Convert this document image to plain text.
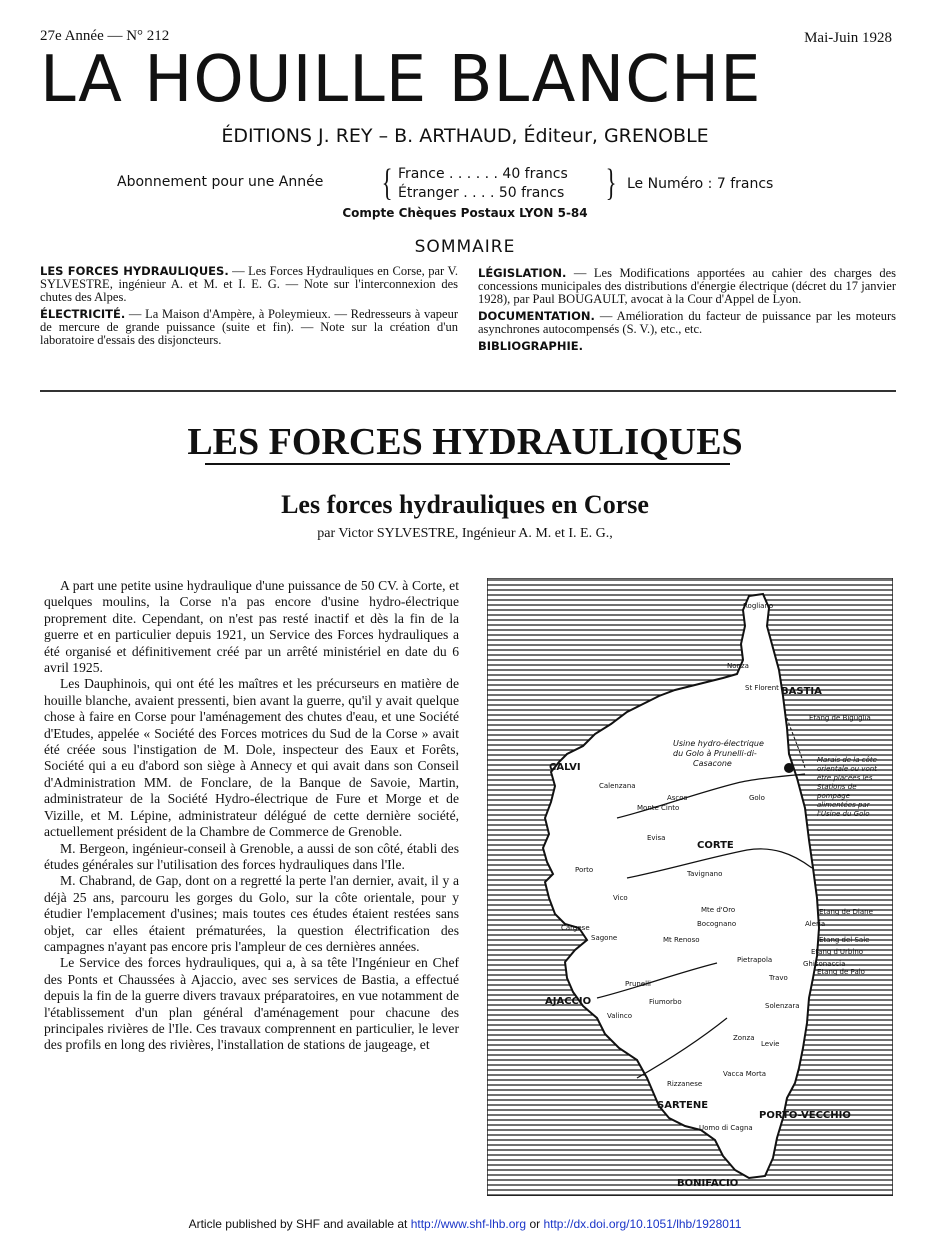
27e Année — N° 212	Mai-Juin 1928
LA HOUILLE BLANCHE
ÉDITIONS J. REY – B. ARTHAUD, Éditeur, GRENOBLE
Abonnement pour une Année { France . . . . . . 40 francs
Étranger . . . . 50 francs } Le Numéro : 7 francs
Compte Chèques Postaux LYON 5-84
SOMMAIRE
LES FORCES HYDRAULIQUES. — Les Forces Hydrauliques en Corse, par V. SYLVESTRE, ingénieur A. et M. et I. E. G. — Note sur l'interconnexion des chutes des Alpes.
ÉLECTRICITÉ. — La Maison d'Ampère, à Poleymieux. — Redresseurs à vapeur de mercure de grande puissance (suite et fin). — Note sur la création d'un laboratoire d'essais des disjoncteurs.
LÉGISLATION. — Les Modifications apportées au cahier des charges des concessions municipales des distributions d'énergie électrique (décret du 17 janvier 1928), par Paul BOUGAULT, avocat à la Cour d'Appel de Lyon.
DOCUMENTATION. — Amélioration du facteur de puissance par les moteurs asynchrones autocompensés (S. V.), etc., etc.
BIBLIOGRAPHIE.
LES FORCES HYDRAULIQUES
Les forces hydrauliques en Corse
par Victor SYLVESTRE, Ingénieur A. M. et I. E. G.,

A part une petite usine hydraulique d'une puissance de 50 CV. à Corte, et quelques moulins, la Corse n'a pas encore d'usine hydro-électrique proprement dite. Cependant, on n'est pas resté inactif et dès la fin de la guerre et en particulier depuis 1921, un Service des Forces hydrauliques a été organisé et définitivement créé par un arrêté ministériel en date du 6 avril 1925.

Les Dauphinois, qui ont été les maîtres et les précurseurs en matière de houille blanche, avaient pressenti, bien avant la guerre, qu'il y avait quelque chose à faire en Corse pour l'aménagement des chutes d'eau, et une Société d'Etudes, appelée « Société des Forces motrices du Sud de la Corse » avait été créée sous l'instigation de M. Dole, inspecteur des Eaux et Forêts, Société qui a eu d'abord son siège à Annecy et qui avait dans son Conseil d'Administration MM. de Fonclare, de la Banque de Savoie, Martin, administrateur de la Société Hydro-électrique de Fure et Morge et de Vizille, et M. Lépine, administrateur délégué de cette dernière société, actuellement président de la Chambre de Commerce de Grenoble.

M. Bergeon, ingénieur-conseil à Grenoble, a aussi de son côté, établi des études générales sur l'utilisation des forces hydrauliques dans l'Ile.

M. Chabrand, de Gap, dont on a regretté la perte l'an dernier, avait, il y a déjà 25 ans, parcouru les gorges du Golo, sur la côte orientale, pour y étudier l'emplacement d'usines; mais toutes ces études étaient restées sans objet, car elles étaient prématurées, la question électrification des campagnes n'ayant pas encore pris l'ampleur de ces dernières années.

Le Service des forces hydrauliques, qui a, à sa tête l'Ingénieur en Chef des Ponts et Chaussées à Ajaccio, avec ses services de Bastia, a effectué depuis la fin de la guerre divers travaux préparatoires, en vue notamment de l'établissement d'un plan général d'aménagement pour chacune des principales rivières de l'Ile. Ces travaux comprennent en particulier, le lever des profils en long des rivières, l'installation de stations de jaugeage, et

BASTIA
CALVI
CORTE
AJACCIO
SARTENE
PORTO-VECCHIO
BONIFACIO
Usine hydro-électrique du Golo à Prunelli-di- Casacone	Marais de la côte orientale ou vont être placées les Stations de pompage alimentées par l'Usine du Golo
Rogliano
Nonza
St Florent
Etang de Biguglia
Calenzana
Golo
Ascos
Tavignano
Etang de Diane
Aleria
Etang del Sale
Etang d'Urbino
Bocognano
Sagone
Cargese
Etang de Palo
Solenzara
Zonza
Levie
Vacca Morta
Uomo di Cagna
Monte Cinto
Mt Renoso
Mte d'Oro
Vico
Evisa
Porto
Ghisonaccia
Pietrapola
Prunelli
Travo
Fiumorbo
Rizzanese
Valinco
Article published by SHF and available at http://www.shf-lhb.org or http://dx.doi.org/10.1051/lhb/1928011
